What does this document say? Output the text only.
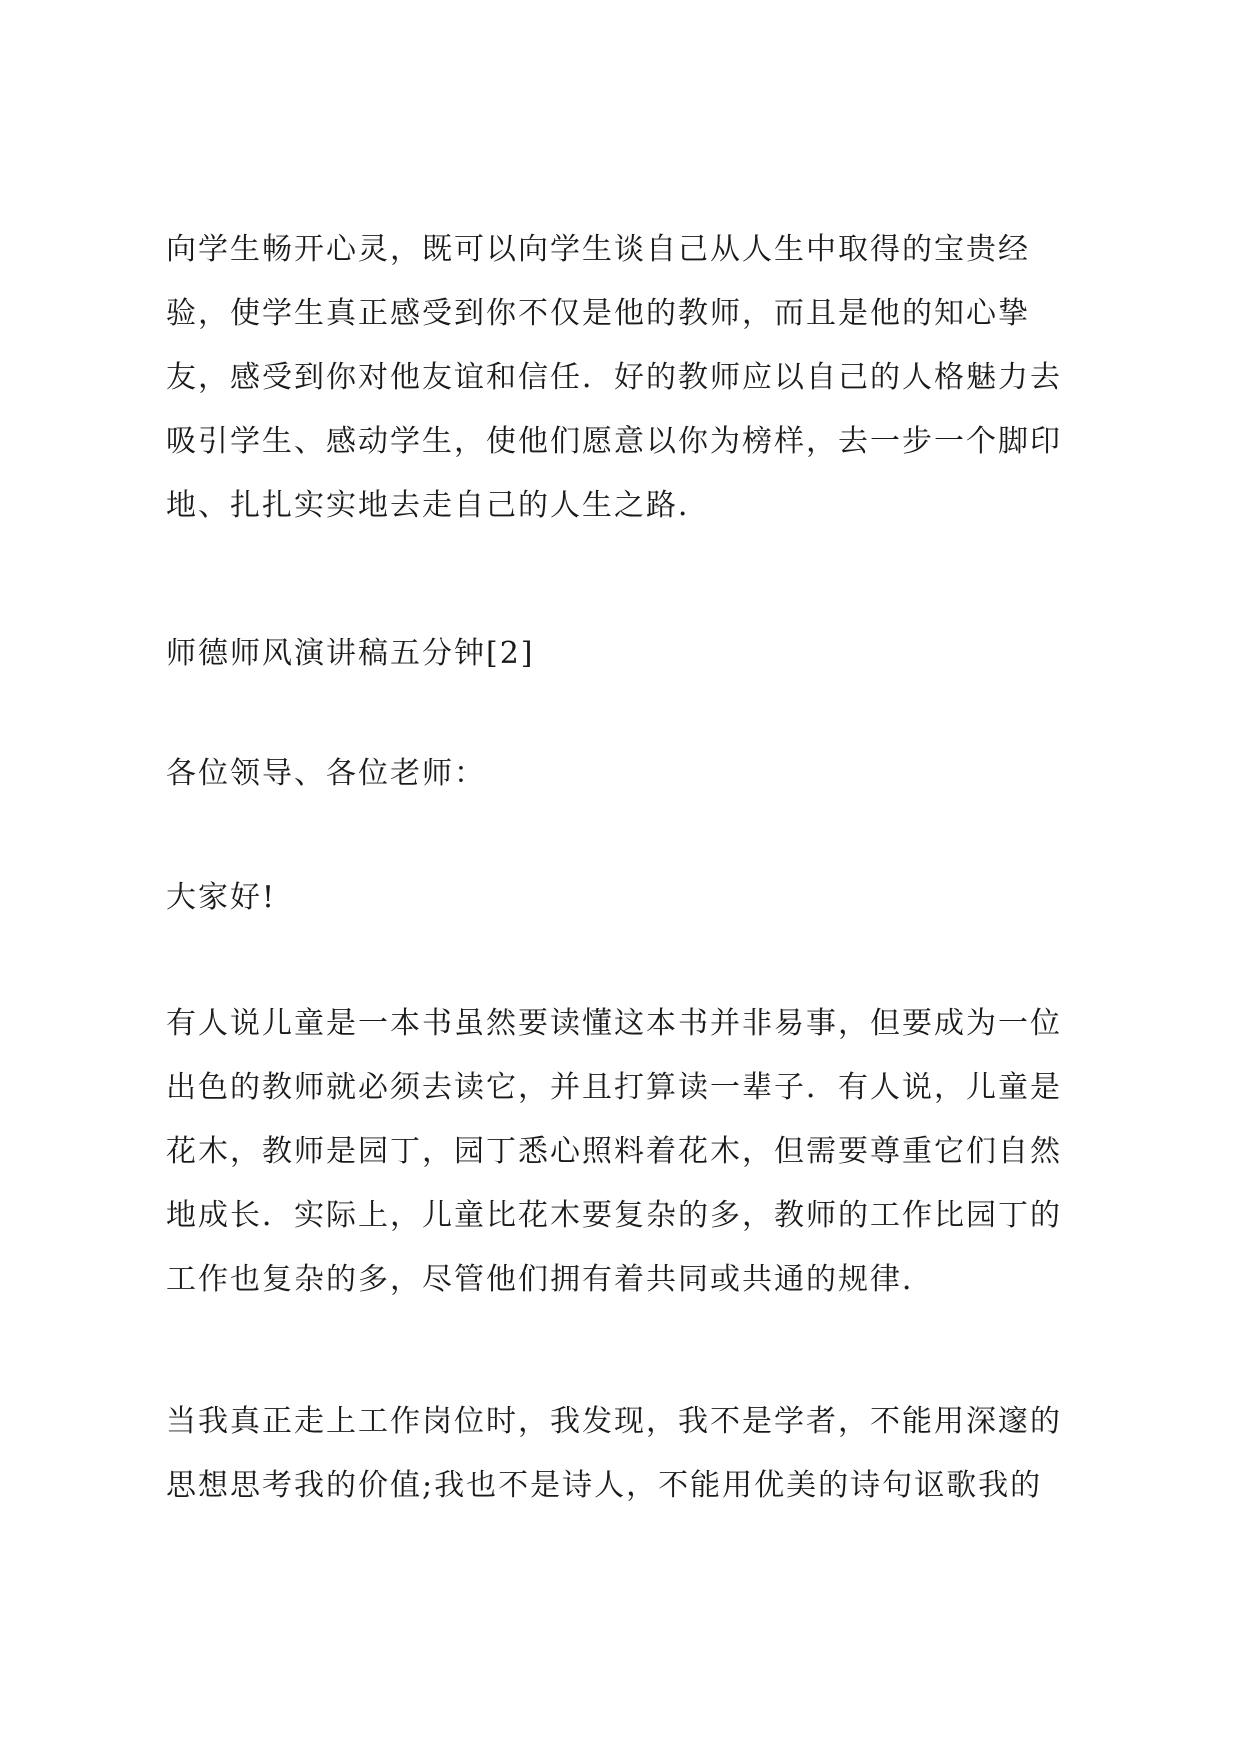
向学生畅开心灵，既可以向学生谈自己从人生中取得的宝贵经
验，使学生真正感受到你不仅是他的教师，而且是他的知心挚
友，感受到你对他友谊和信任．好的教师应以自己的人格魅力去
吸引学生、感动学生，使他们愿意以你为榜样，去一步一个脚印
地、扎扎实实地去走自己的人生之路．

师德师风演讲稿五分钟[2]

各位领导、各位老师：

大家好!

有人说儿童是一本书虽然要读懂这本书并非易事，但要成为一位
出色的教师就必须去读它，并且打算读一辈子．有人说，儿童是
花木，教师是园丁，园丁悉心照料着花木，但需要尊重它们自然
地成长．实际上，儿童比花木要复杂的多，教师的工作比园丁的
工作也复杂的多，尽管他们拥有着共同或共通的规律．

当我真正走上工作岗位时，我发现，我不是学者，不能用深邃的
思想思考我的价值;我也不是诗人，不能用优美的诗句讴歌我的
